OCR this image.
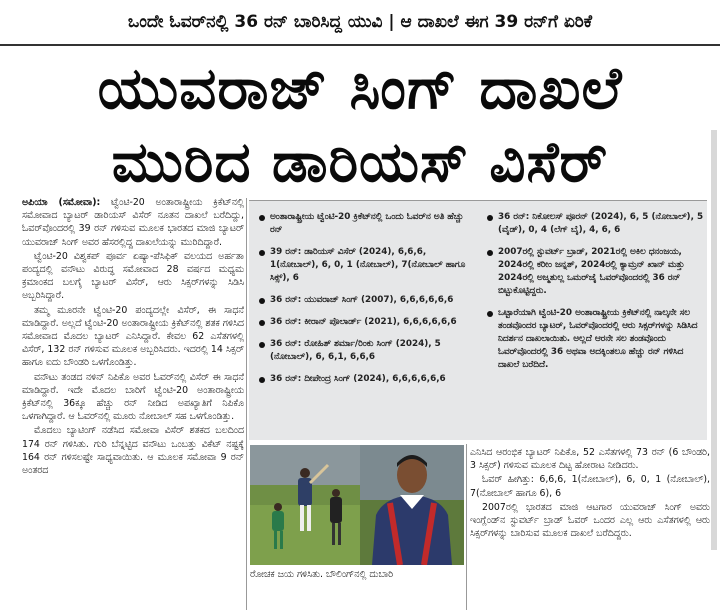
ಒಂದೇ ಓವರ್‌ನಲ್ಲಿ 36 ರನ್ ಬಾರಿಸಿದ್ದ ಯುವಿ | ಆ ದಾಖಲೆ ಈಗ 39 ರನ್‌ಗೆ ಏರಿಕೆ
ಯುವರಾಜ್ ಸಿಂಗ್ ದಾಖಲೆ
ಮುರಿದ ಡಾರಿಯಸ್ ವಿಸೆರ್

ಅಪಿಯಾ (ಸಮೋವಾ): ಟ್ವೆಂಟಿ-20 ಅಂತಾರಾಷ್ಟ್ರೀಯ ಕ್ರಿಕೆಟ್‌ನಲ್ಲಿ ಸಮೋವಾದ ಬ್ಯಾಟರ್ ಡಾರಿಯಸ್ ವಿಸೆರ್ ನೂತನ ದಾಖಲೆ ಬರೆದಿದ್ದು, ಓವರ್‌ವೊಂದರಲ್ಲಿ 39 ರನ್ ಗಳಿಸುವ ಮೂಲಕ ಭಾರತದ ಮಾಜಿ ಬ್ಯಾಟರ್ ಯುವರಾಜ್ ಸಿಂಗ್ ಅವರ ಹೆಸರಲ್ಲಿದ್ದ ದಾಖಲೆಯನ್ನು ಮುರಿದಿದ್ದಾರೆ.

ಟ್ವೆಂಟಿ-20 ವಿಶ್ವಕಪ್ ಪೂರ್ವ ಏಷ್ಯಾ-ಪೆಸಿಫಿಕ್ ವಲಯದ ಅರ್ಹತಾ ಪಂದ್ಯದಲ್ಲಿ ವನೌಟು ವಿರುದ್ಧ ಸಮೋವಾದ 28 ವರ್ಷದ ಮಧ್ಯಮ ಕ್ರಮಾಂಕದ ಬಲಗೈ ಬ್ಯಾಟರ್ ವಿಸೆರ್, ಆರು ಸಿಕ್ಸರ್‌ಗಳನ್ನು ಸಿಡಿಸಿ ಅಬ್ಬರಿಸಿದ್ದಾರೆ.

ತಮ್ಮ ಮೂರನೇ ಟ್ವೆಂಟಿ-20 ಪಂದ್ಯದಲ್ಲೇ ವಿಸೆರ್, ಈ ಸಾಧನೆ ಮಾಡಿದ್ದಾರೆ. ಅಲ್ಲದೆ ಟ್ವೆಂಟಿ-20 ಅಂತಾರಾಷ್ಟ್ರೀಯ ಕ್ರಿಕೆಟ್‌ನಲ್ಲಿ ಶತಕ ಗಳಿಸಿದ ಸಮೋವಾದ ಮೊದಲ ಬ್ಯಾಟರ್ ಎನಿಸಿದ್ದಾರೆ. ಕೇವಲ 62 ಎಸೆತಗಳಲ್ಲಿ ವಿಸೆರ್, 132 ರನ್ ಗಳಿಸುವ ಮೂಲಕ ಅಬ್ಬರಿಸಿದರು. ಇದರಲ್ಲಿ 14 ಸಿಕ್ಸರ್ ಹಾಗೂ ಐದು ಬೌಂಡರಿ ಒಳಗೊಂಡಿತ್ತು.

ವನೌಟು ತಂಡದ ನಳಿನ್ ನಿಪಿಕೊ ಅವರ ಓವರ್‌ನಲ್ಲಿ ವಿಸೆರ್ ಈ ಸಾಧನೆ ಮಾಡಿದ್ದಾರೆ. ಇದೇ ಮೊದಲ ಬಾರಿಗೆ ಟ್ವೆಂಟಿ-20 ಅಂತಾರಾಷ್ಟ್ರೀಯ ಕ್ರಿಕೆಟ್‌ನಲ್ಲಿ 36ಕ್ಕೂ ಹೆಚ್ಚು ರನ್ ನೀಡಿದ ಅಪಖ್ಯಾತಿಗೆ ನಿಪಿಕೊ ಒಳಗಾಗಿದ್ದಾರೆ. ಆ ಓವರ್‌ನಲ್ಲಿ ಮೂರು ನೋಬಾಲ್ ಸಹ ಒಳಗೊಂಡಿತ್ತು.

ಮೊದಲು ಬ್ಯಾಟಿಂಗ್ ನಡೆಸಿದ ಸಮೋವಾ ವಿಸೆರ್ ಶತಕದ ಬಲದಿಂದ 174 ರನ್ ಗಳಿಸಿತು. ಗುರಿ ಬೆನ್ನಟ್ಟಿದ ವನೌಟು ಒಂಬತ್ತು ವಿಕೆಟ್ ನಷ್ಟಕ್ಕೆ 164 ರನ್ ಗಳಿಸಲಷ್ಟೇ ಸಾಧ್ಯವಾಯಿತು. ಆ ಮೂಲಕ ಸಮೋವಾ 9 ರನ್ ಅಂತರದ

ಅಂತಾರಾಷ್ಟ್ರೀಯ ಟ್ವೆಂಟಿ-20 ಕ್ರಿಕೆಟ್‌ನಲ್ಲಿ ಒಂದು ಓವರ್‌ನ ಅತಿ ಹೆಚ್ಚು ರನ್
39 ರನ್: ಡಾರಿಯಸ್ ವಿಸೆರ್ (2024), 6,6,6, 1(ನೋಬಾಲ್), 6, 0, 1 (ನೋಬಾಲ್), 7(ನೋಬಾಲ್ ಹಾಗೂ ಸಿಕ್ಸ್), 6
36 ರನ್: ಯುವರಾಜ್ ಸಿಂಗ್ (2007), 6,6,6,6,6,6
36 ರನ್: ಕೀರಾನ್ ಪೊಲಾರ್ಡ್ (2021), 6,6,6,6,6,6
36 ರನ್: ರೋಹಿತ್ ಶರ್ಮಾ/ರಿಂಕು ಸಿಂಗ್ (2024), 5 (ನೋಬಾಲ್), 6, 6,1, 6,6,6
36 ರನ್: ದೀಪೇಂದ್ರ ಸಿಂಗ್ (2024), 6,6,6,6,6,6
36 ರನ್: ನಿಕೋಲಸ್ ಪೂರನ್ (2024), 6, 5 (ನೋಬಾಲ್), 5 (ವೈಡ್), 0, 4 (ಲೆಗ್ ಬೈ), 4, 6, 6
2007ರಲ್ಲಿ ಸ್ಟುವರ್ಟ್ ಬ್ರಾಡ್, 2021ರಲ್ಲಿ ಅಕಿಲ ಧನಂಜಯ, 2024ರಲ್ಲಿ ಕರೀಂ ಜನ್ನತ್, 2024ರಲ್ಲಿ ಕ್ಯಾಮ್ರನ್ ಖಾನ್ ಮತ್ತು 2024ರಲ್ಲಿ ಅಜ್ಮತುಲ್ಲ ಒಮರ್‌ಜೈ ಓವರ್‌ವೊಂದರಲ್ಲಿ 36 ರನ್ ಬಿಟ್ಟುಕೊಟ್ಟಿದ್ದರು.
ಒಟ್ಟಾರೆಯಾಗಿ ಟ್ವೆಂಟಿ-20 ಅಂತಾರಾಷ್ಟ್ರೀಯ ಕ್ರಿಕೆಟ್‌ನಲ್ಲಿ ನಾಲ್ಕನೇ ಸಲ ತಂಡವೊಂದರ ಬ್ಯಾಟರ್, ಓವರ್‌ವೊಂದರಲ್ಲಿ ಆರು ಸಿಕ್ಸರ್‌ಗಳನ್ನು ಸಿಡಿಸಿದ ನಿದರ್ಶನ ದಾಖಲಾಯಿತು. ಅಲ್ಲದೆ ಆರನೇ ಸಲ ತಂಡವೊಂದು ಓವರ್‌ವೊಂದರಲ್ಲಿ 36 ಅಥವಾ ಅದಕ್ಕಿಂತಲೂ ಹೆಚ್ಚು ರನ್ ಗಳಿಸಿದ ದಾಖಲೆ ಬರೆದಿದೆ.
ರೋಚಕ ಜಯ ಗಳಿಸಿತು. ಬೌಲಿಂಗ್‌ನಲ್ಲಿ ದುಬಾರಿ

ಎನಿಸಿದ ಆರಂಭಿಕ ಬ್ಯಾಟರ್ ನಿಪಿಕೊ, 52 ಎಸೆತಗಳಲ್ಲಿ 73 ರನ್ (6 ಬೌಂಡರಿ, 3 ಸಿಕ್ಸರ್) ಗಳಿಸುವ ಮೂಲಕ ದಿಟ್ಟ ಹೋರಾಟ ನೀಡಿದರು.

ಓವರ್ ಹೀಗಿತ್ತು: 6,6,6, 1(ನೋಬಾಲ್), 6, 0, 1 (ನೋಬಾಲ್), 7(ನೋಬಾಲ್ ಹಾಗೂ 6), 6

2007ರಲ್ಲಿ ಭಾರತದ ಮಾಜಿ ಆಟಗಾರ ಯುವರಾಜ್ ಸಿಂಗ್ ಅವರು ಇಂಗ್ಲೆಂಡ್‌ನ ಸ್ಟುವರ್ಟ್ ಬ್ರಾಡ್ ಓವರ್ ಒಂದರ ಎಲ್ಲ ಆರು ಎಸೆತಗಳಲ್ಲಿ ಆರು ಸಿಕ್ಸರ್‌ಗಳನ್ನು ಬಾರಿಸುವ ಮೂಲಕ ದಾಖಲೆ ಬರೆದಿದ್ದರು.
